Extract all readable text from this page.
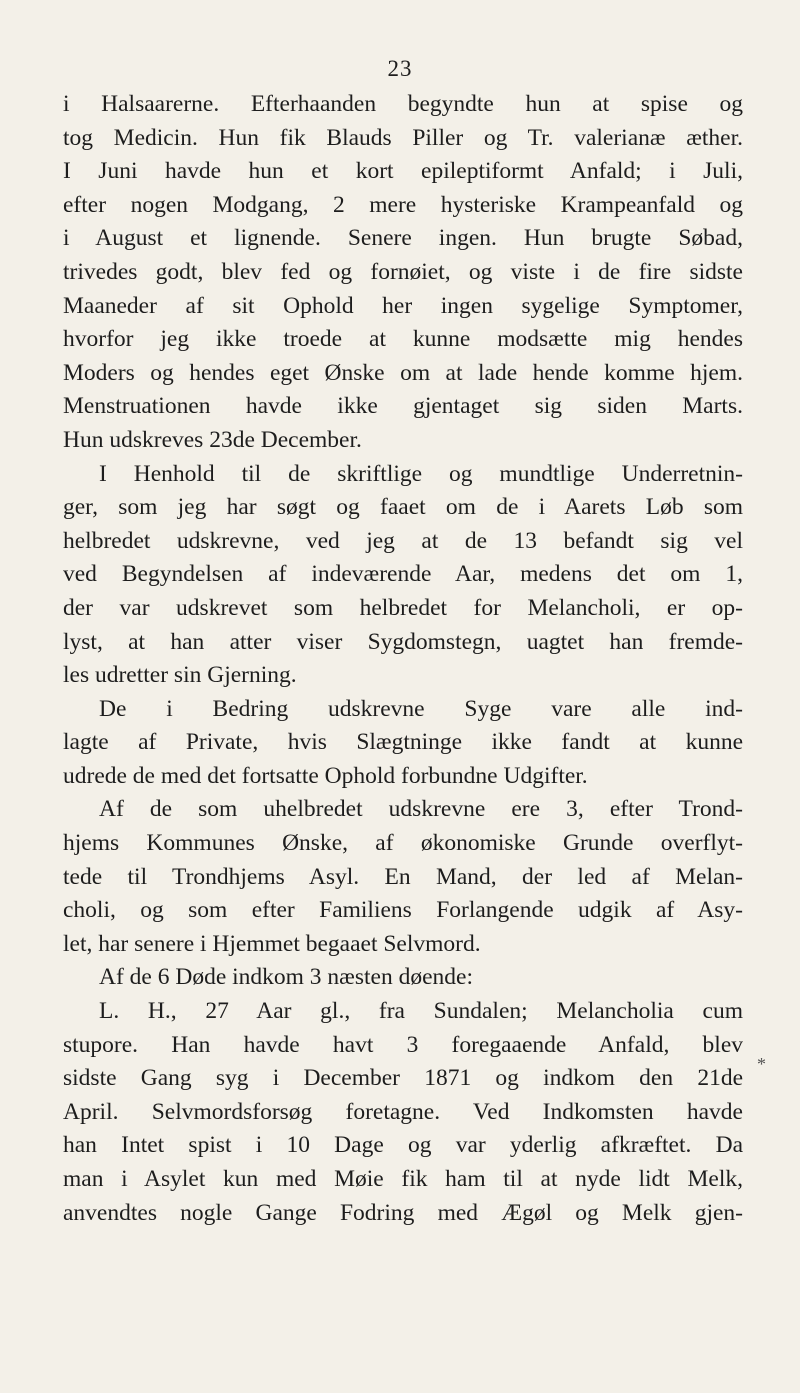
23
i Halsaarerne. Efterhaanden begyndte hun at spise og
tog Medicin. Hun fik Blauds Piller og Tr. valerianæ æther.
I Juni havde hun et kort epileptiformt Anfald; i Juli,
efter nogen Modgang, 2 mere hysteriske Krampeanfald og
i August et lignende. Senere ingen. Hun brugte Søbad,
trivedes godt, blev fed og fornøiet, og viste i de fire sidste
Maaneder af sit Ophold her ingen sygelige Symptomer,
hvorfor jeg ikke troede at kunne modsætte mig hendes
Moders og hendes eget Ønske om at lade hende komme hjem.
Menstruationen havde ikke gjentaget sig siden Marts.
Hun udskreves 23de December.
I Henhold til de skriftlige og mundtlige Underretnin-
ger, som jeg har søgt og faaet om de i Aarets Løb som
helbredet udskrevne, ved jeg at de 13 befandt sig vel
ved Begyndelsen af indeværende Aar, medens det om 1,
der var udskrevet som helbredet for Melancholi, er op-
lyst, at han atter viser Sygdomstegn, uagtet han fremde-
les udretter sin Gjerning.
De i Bedring udskrevne Syge vare alle ind-
lagte af Private, hvis Slægtninge ikke fandt at kunne
udrede de med det fortsatte Ophold forbundne Udgifter.
Af de som uhelbredet udskrevne ere 3, efter Trond-
hjems Kommunes Ønske, af økonomiske Grunde overflyt-
tede til Trondhjems Asyl. En Mand, der led af Melan-
choli, og som efter Familiens Forlangende udgik af Asy-
let, har senere i Hjemmet begaaet Selvmord.
Af de 6 Døde indkom 3 næsten døende:
L. H., 27 Aar gl., fra Sundalen; Melancholia cum
stupore. Han havde havt 3 foregaaende Anfald, blev
sidste Gang syg i December 1871 og indkom den 21de
April. Selvmordsforsøg foretagne. Ved Indkomsten havde
han Intet spist i 10 Dage og var yderlig afkræftet. Da
man i Asylet kun med Møie fik ham til at nyde lidt Melk,
anvendtes nogle Gange Fodring med Ægøl og Melk gjen-
*
